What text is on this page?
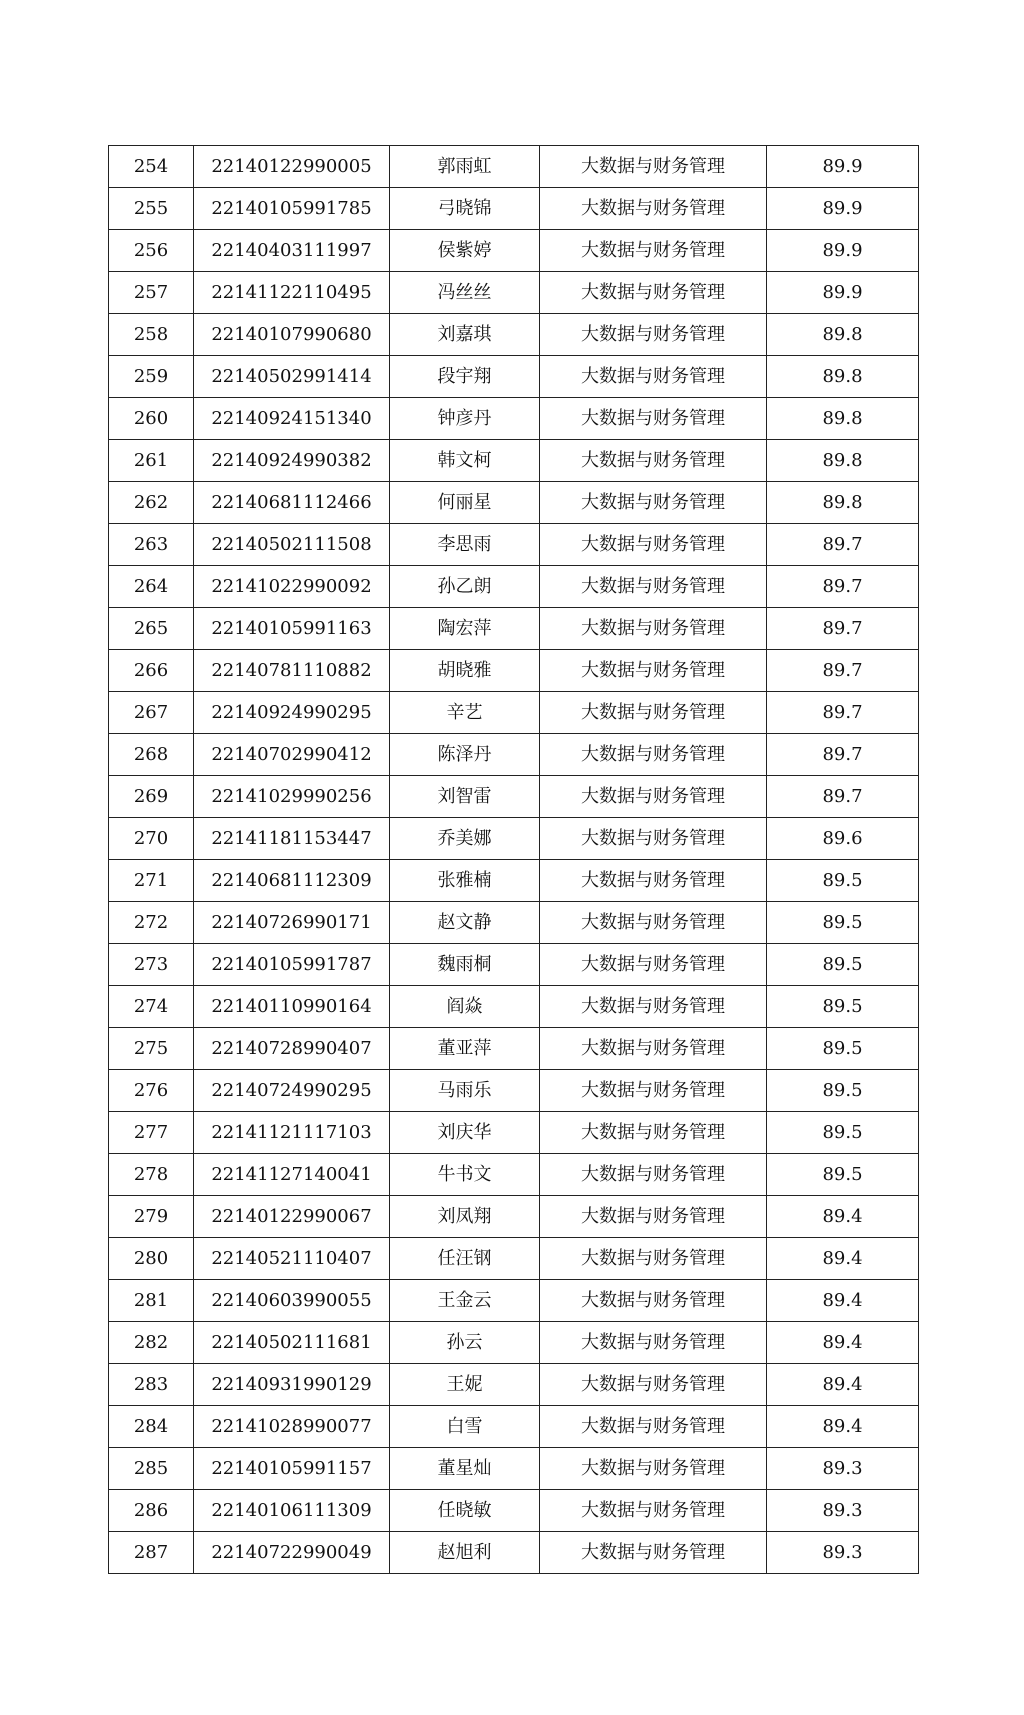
254	22140122990005	郭雨虹	大数据与财务管理	89.9
255	22140105991785	弓晓锦	大数据与财务管理	89.9
256	22140403111997	侯紫婷	大数据与财务管理	89.9
257	22141122110495	冯丝丝	大数据与财务管理	89.9
258	22140107990680	刘嘉琪	大数据与财务管理	89.8
259	22140502991414	段宇翔	大数据与财务管理	89.8
260	22140924151340	钟彦丹	大数据与财务管理	89.8
261	22140924990382	韩文柯	大数据与财务管理	89.8
262	22140681112466	何丽星	大数据与财务管理	89.8
263	22140502111508	李思雨	大数据与财务管理	89.7
264	22141022990092	孙乙朗	大数据与财务管理	89.7
265	22140105991163	陶宏萍	大数据与财务管理	89.7
266	22140781110882	胡晓雅	大数据与财务管理	89.7
267	22140924990295	辛艺	大数据与财务管理	89.7
268	22140702990412	陈泽丹	大数据与财务管理	89.7
269	22141029990256	刘智雷	大数据与财务管理	89.7
270	22141181153447	乔美娜	大数据与财务管理	89.6
271	22140681112309	张雅楠	大数据与财务管理	89.5
272	22140726990171	赵文静	大数据与财务管理	89.5
273	22140105991787	魏雨桐	大数据与财务管理	89.5
274	22140110990164	阎焱	大数据与财务管理	89.5
275	22140728990407	董亚萍	大数据与财务管理	89.5
276	22140724990295	马雨乐	大数据与财务管理	89.5
277	22141121117103	刘庆华	大数据与财务管理	89.5
278	22141127140041	牛书文	大数据与财务管理	89.5
279	22140122990067	刘凤翔	大数据与财务管理	89.4
280	22140521110407	任汪钢	大数据与财务管理	89.4
281	22140603990055	王金云	大数据与财务管理	89.4
282	22140502111681	孙云	大数据与财务管理	89.4
283	22140931990129	王妮	大数据与财务管理	89.4
284	22141028990077	白雪	大数据与财务管理	89.4
285	22140105991157	董星灿	大数据与财务管理	89.3
286	22140106111309	任晓敏	大数据与财务管理	89.3
287	22140722990049	赵旭利	大数据与财务管理	89.3
